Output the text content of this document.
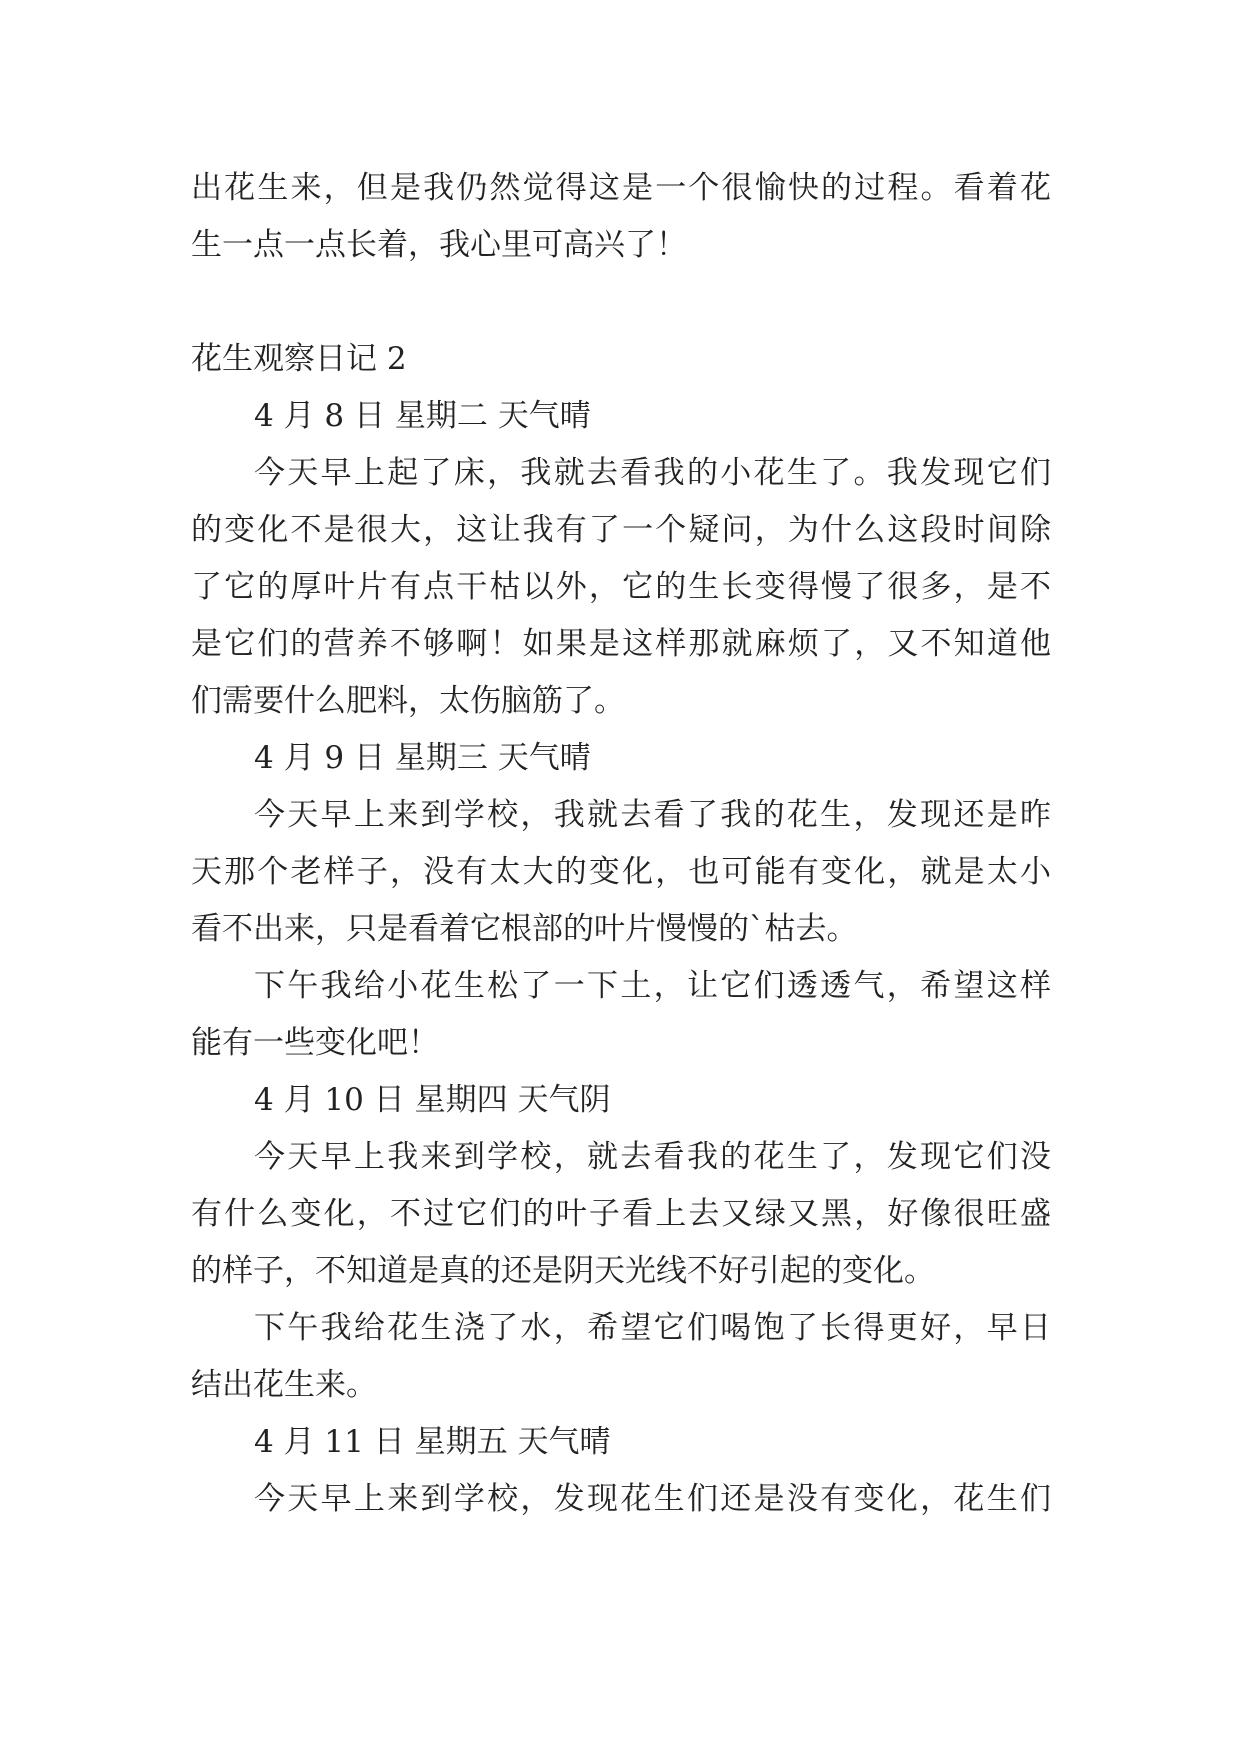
出花生来，但是我仍然觉得这是一个很愉快的过程。看着花

生一点一点长着，我心里可高兴了！

花生观察日记 2

4 月 8 日 星期二 天气晴

今天早上起了床，我就去看我的小花生了。我发现它们

的变化不是很大，这让我有了一个疑问，为什么这段时间除

了它的厚叶片有点干枯以外，它的生长变得慢了很多，是不

是它们的营养不够啊！如果是这样那就麻烦了，又不知道他

们需要什么肥料，太伤脑筋了。

4 月 9 日 星期三 天气晴

今天早上来到学校，我就去看了我的花生，发现还是昨

天那个老样子，没有太大的变化，也可能有变化，就是太小

看不出来，只是看着它根部的叶片慢慢的`枯去。

下午我给小花生松了一下土，让它们透透气，希望这样

能有一些变化吧！

4 月 10 日 星期四 天气阴

今天早上我来到学校，就去看我的花生了，发现它们没

有什么变化，不过它们的叶子看上去又绿又黑，好像很旺盛

的样子，不知道是真的还是阴天光线不好引起的变化。

下午我给花生浇了水，希望它们喝饱了长得更好，早日

结出花生来。

4 月 11 日 星期五 天气晴

今天早上来到学校，发现花生们还是没有变化，花生们
